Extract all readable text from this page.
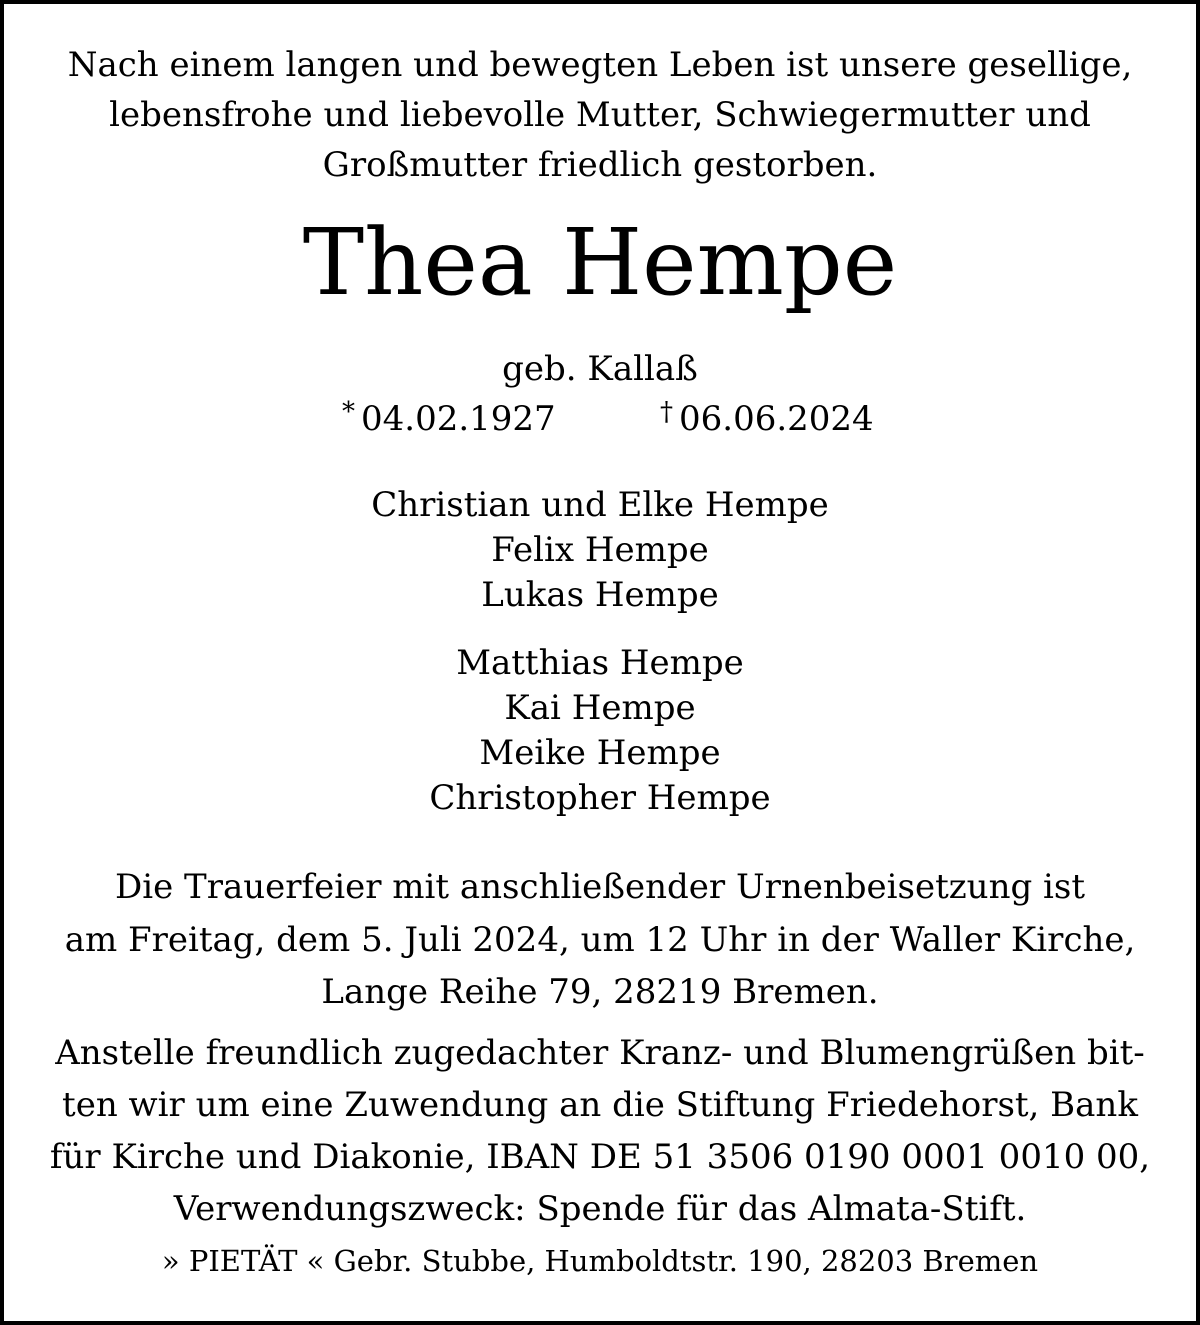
Nach einem langen und bewegten Leben ist unsere gesellige,
lebensfrohe und liebevolle Mutter, Schwiegermutter und
Großmutter friedlich gestorben.
Thea Hempe
geb. Kallaß
* 04.02.1927	† 06.06.2024
Christian und Elke Hempe
Felix Hempe
Lukas Hempe
Matthias Hempe
Kai Hempe
Meike Hempe
Christopher Hempe
Die Trauerfeier mit anschließender Urnenbeisetzung ist
am Freitag, dem 5. Juli 2024, um 12 Uhr in der Waller Kirche,
Lange Reihe 79, 28219 Bremen.
Anstelle freundlich zugedachter Kranz- und Blumengrüßen bit-
ten wir um eine Zuwendung an die Stiftung Friedehorst, Bank
für Kirche und Diakonie, IBAN DE 51 3506 0190 0001 0010 00,
Verwendungszweck: Spende für das Almata-Stift.
» PIETÄT « Gebr. Stubbe, Humboldtstr. 190, 28203 Bremen
